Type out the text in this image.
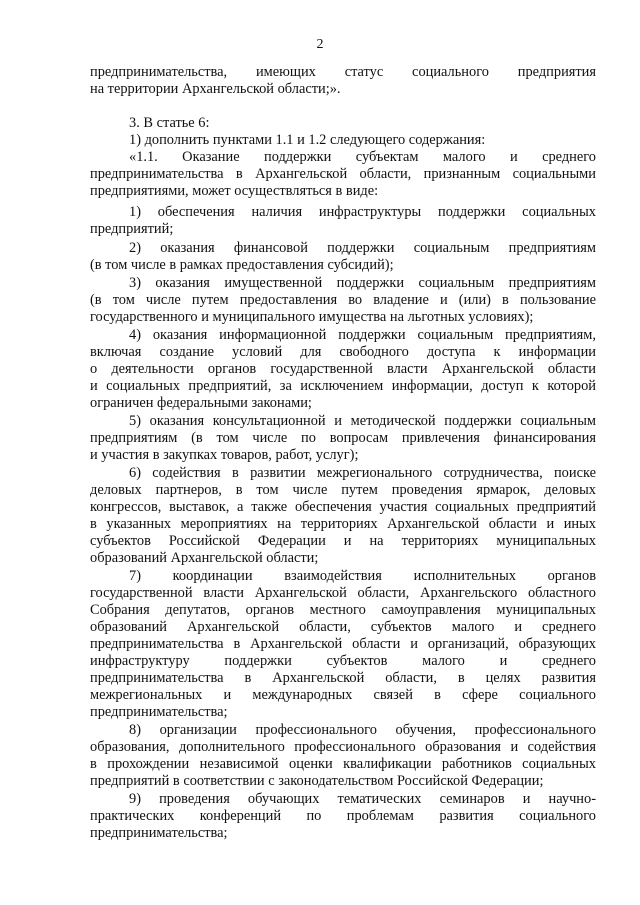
2
предпринимательства, имеющих статус социального предприятия
на территории Архангельской области;».
3. В статье 6:
1) дополнить пунктами 1.1 и 1.2 следующего содержания:
«1.1. Оказание поддержки субъектам малого и среднего
предпринимательства в Архангельской области, признанным социальными
предприятиями, может осуществляться в виде:
1) обеспечения наличия инфраструктуры поддержки социальных
предприятий;
2) оказания финансовой поддержки социальным предприятиям
(в том числе в рамках предоставления субсидий);
3) оказания имущественной поддержки социальным предприятиям
(в том числе путем предоставления во владение и (или) в пользование
государственного и муниципального имущества на льготных условиях);
4) оказания информационной поддержки социальным предприятиям,
включая создание условий для свободного доступа к информации
о деятельности органов государственной власти Архангельской области
и социальных предприятий, за исключением информации, доступ к которой
ограничен федеральными законами;
5) оказания консультационной и мeтодической поддержки социальным
предприятиям (в том числе по вопросам привлечения финансирования
и участия в закупках товаров, работ, услуг);
6) содействия в развитии межрегионального сотрудничества, поиске
деловых партнеров, в том числе путем проведения ярмарок, деловых
конгрессов, выставок, а также обеспечения участия социальных предприятий
в указанных мероприятиях на территориях Архангельской области и иных
субъектов Российской Федерации и на территориях муниципальных
образований Архангельской области;
7) координации взаимодействия исполнительных органов
государственной власти Архангельской области, Архангельского областного
Собрания депутатов, органов местного самоуправления муниципальных
образований Архангельской области, субъектов малого и среднего
предпринимательства в Архангельской области и организаций, образующих
инфраструктуру поддержки субъектов малого и среднего
предпринимательства в Архангельской области, в целях развития
межрегиональных и международных связей в сфере социального
предпринимательства;
8) организации профессионального обучения, профессионального
образования, дополнительного профессионального образования и содействия
в прохождении независимой оценки квалификации работников социальных
предприятий в соответствии с законодательством Российской Федерации;
9) проведения обучающих тематических семинаров и научно-
практических конференций по проблемам развития социального
предпринимательства;
